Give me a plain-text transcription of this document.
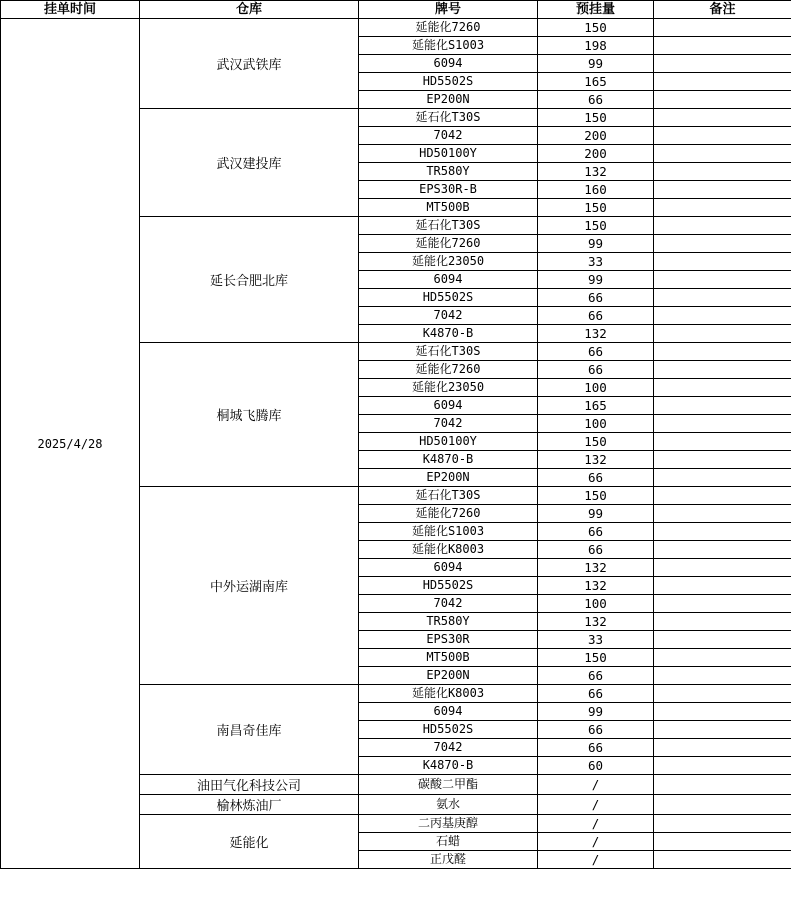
挂单时间	仓库	牌号	预挂量	备注
2025/4/28	武汉武铁库	延能化7260	150	
		延能化S1003	198	
		6094	99	
		HD5502S	165	
		EP200N	66	
	武汉建投库	延石化T30S	150	
		7042	200	
		HD50100Y	200	
		TR580Y	132	
		EPS30R-B	160	
		MT500B	150	
	延长合肥北库	延石化T30S	150	
		延能化7260	99	
		延能化23050	33	
		6094	99	
		HD5502S	66	
		7042	66	
		K4870-B	132	
	桐城飞腾库	延石化T30S	66	
		延能化7260	66	
		延能化23050	100	
		6094	165	
		7042	100	
		HD50100Y	150	
		K4870-B	132	
		EP200N	66	
	中外运湖南库	延石化T30S	150	
		延能化7260	99	
		延能化S1003	66	
		延能化K8003	66	
		6094	132	
		HD5502S	132	
		7042	100	
		TR580Y	132	
		EPS30R	33	
		MT500B	150	
		EP200N	66	
	南昌奇佳库	延能化K8003	66	
		6094	99	
		HD5502S	66	
		7042	66	
		K4870-B	60	
	油田气化科技公司	碳酸二甲酯	/	
	榆林炼油厂	氨水	/	
	延能化	二丙基庚醇	/	
		石蜡	/	
		正戊醛	/	
